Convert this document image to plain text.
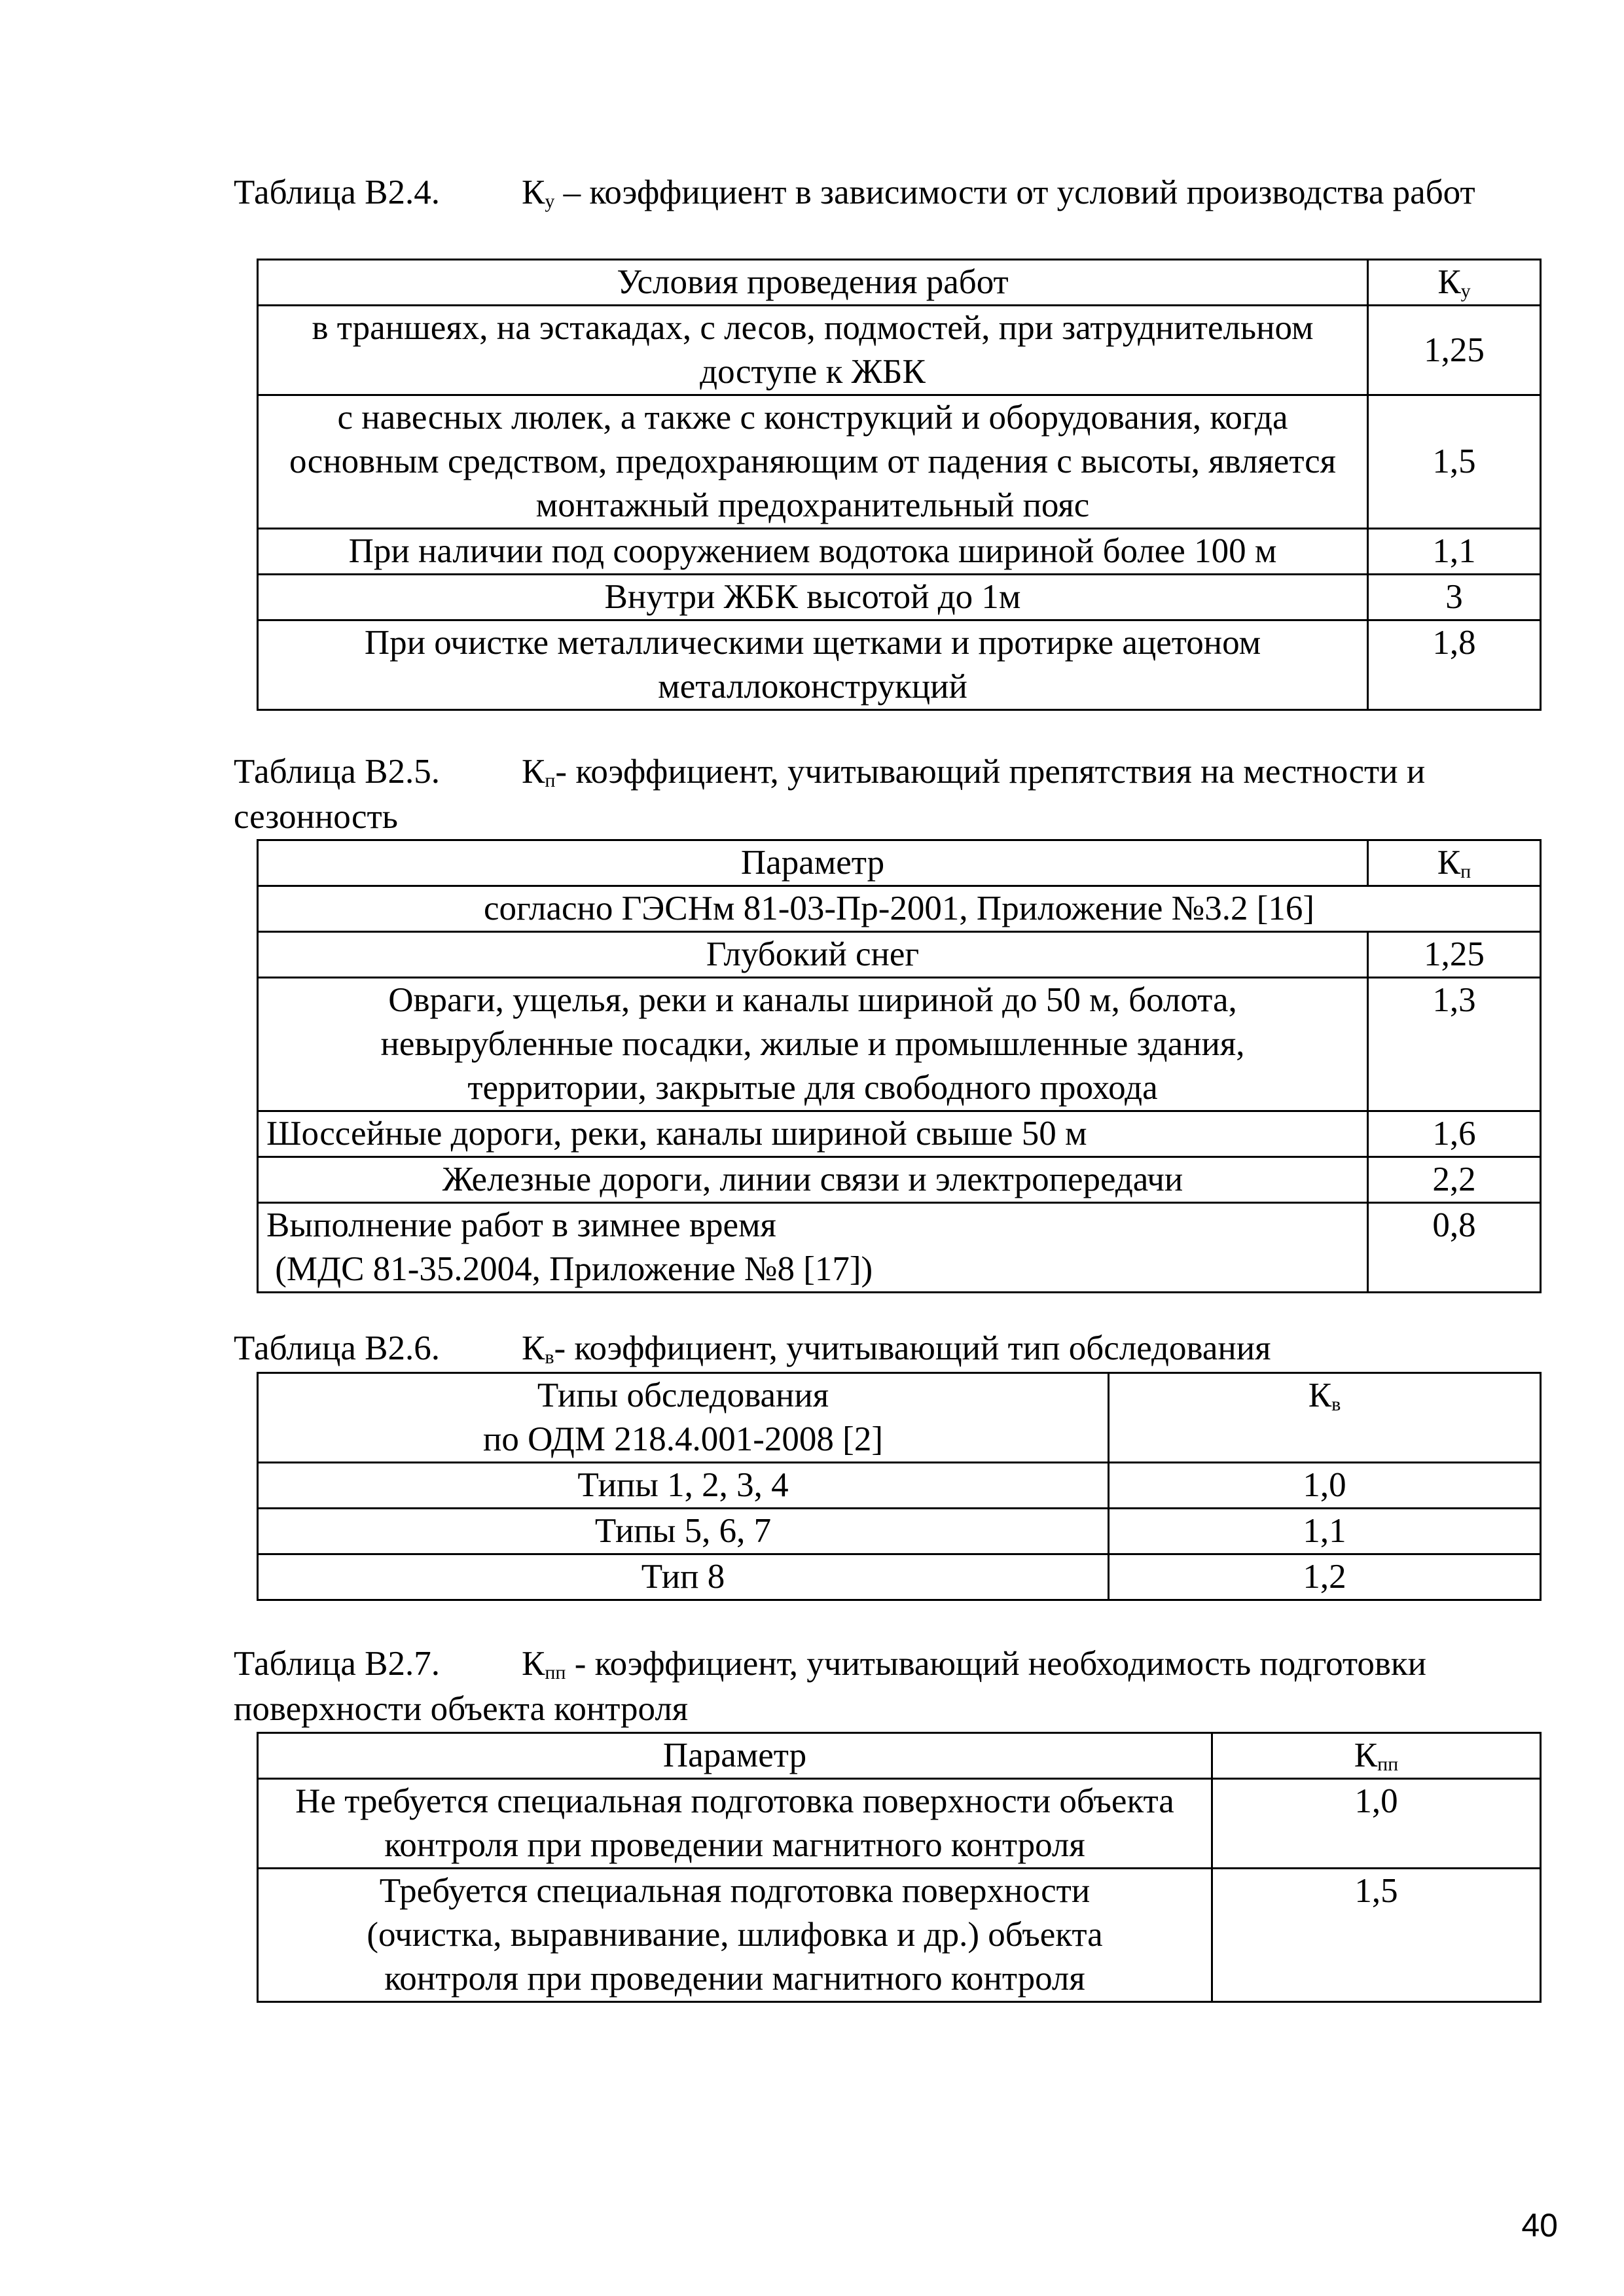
Таблица В2.4. $К_у$ – коэффициент в зависимости от условий производства работ
Условия проведения работ	$К_у$
в траншеях, на эстакадах, с лесов, подмостей, при затруднительном доступе к ЖБК	1,25
с навесных люлек, а также с конструкций и оборудования, когда основным средством, предохраняющим от падения с высоты, является монтажный предохранительный пояс	1,5
При наличии под сооружением водотока шириной более 100 м	1,1
Внутри ЖБК высотой до 1м	3
При очистке металлическими щетками и протирке ацетоном металлоконструкций	1,8
Таблица В2.5. $К_п-$ коэффициент, учитывающий препятствия на местности и сезонность
Параметр	$К_п$
согласно ГЭСНм 81-03-Пр-2001, Приложение №3.2 [16]	
Глубокий снег	1,25
Овраги, ущелья, реки и каналы шириной до 50 м, болота, невырубленные посадки, жилые и промышленные здания, территории, закрытые для свободного прохода	1,3
Шоссейные дороги, реки, каналы шириной свыше 50 м	1,6
Железные дороги, линии связи и электропередачи	2,2

Выполнение работ в зимнее время
(МДС 81-35.2004, Приложение №8 [17])	0,8
Таблица В2.6. $К_в-$ коэффициент, учитывающий тип обследования
Типы обследования
по ОДМ 218.4.001-2008 [2]	$К_в$
Типы 1, 2, 3, 4	1,0
Типы 5, 6, 7	1,1
Тип 8	1,2
Таблица В2.7. $К_{пп}$ - коэффициент, учитывающий необходимость подготовки поверхности объекта контроля
Параметр	$К_{пп}$
Не требуется специальная подготовка поверхности объекта контроля при проведении магнитного контроля	1,0
Требуется специальная подготовка поверхности (очистка, выравнивание, шлифовка и др.) объекта контроля при проведении магнитного контроля	1,5
40
